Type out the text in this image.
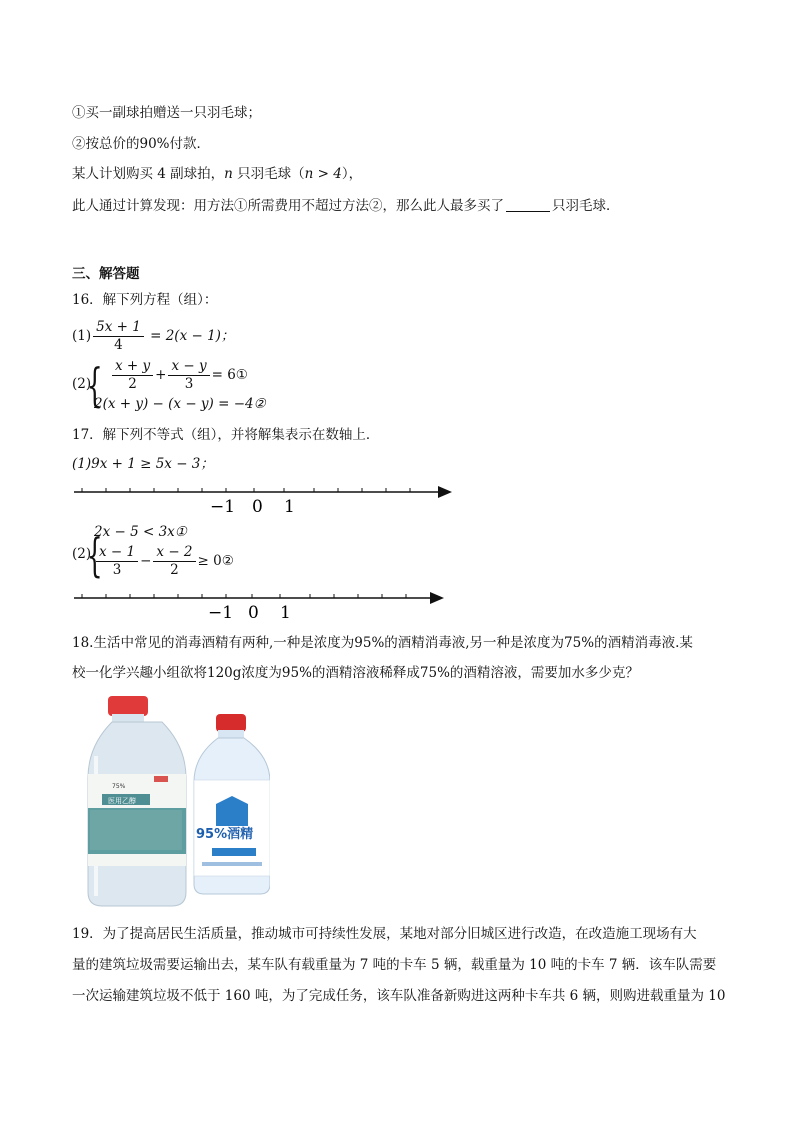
①买一副球拍赠送一只羽毛球；
②按总价的90%付款．
某人计划购买 4 副球拍，n 只羽毛球（n > 4），
此人通过计算发现：用方法①所需费用不超过方法②，那么此人最多买了	只羽毛球．
三、解答题
16．解下列方程（组）：
$(1) \frac{5x + 1}{4} = 2(x - 1)$；
(2)
{ $\frac{x + y}{2} + \frac{x - y}{3}$ = 6①
2(x + y) − (x − y) = −4②
17．解下列不等式（组），并将解集表示在数轴上．
(1)9x + 1 ≥ 5x − 3；
−1 0 1
(2)
{
2x − 5 < 3x①
$\frac{x - 1}{3} - \frac{x - 2}{2}$ ≥ 0②
−1 0 1
18.生活中常见的消毒酒精有两种,一种是浓度为95%的酒精消毒液,另一种是浓度为75%的酒精消毒液.某
校一化学兴趣小组欲将120g浓度为95%的酒精溶液稀释成75%的酒精溶液，需要加水多少克？
75%
医用乙醇
95%酒精
19．为了提高居民生活质量，推动城市可持续性发展，某地对部分旧城区进行改造，在改造施工现场有大
量的建筑垃圾需要运输出去，某车队有载重量为 7 吨的卡车 5 辆，载重量为 10 吨的卡车 7 辆．该车队需要
一次运输建筑垃圾不低于 160 吨，为了完成任务，该车队准备新购进这两种卡车共 6 辆，则购进载重量为 10
